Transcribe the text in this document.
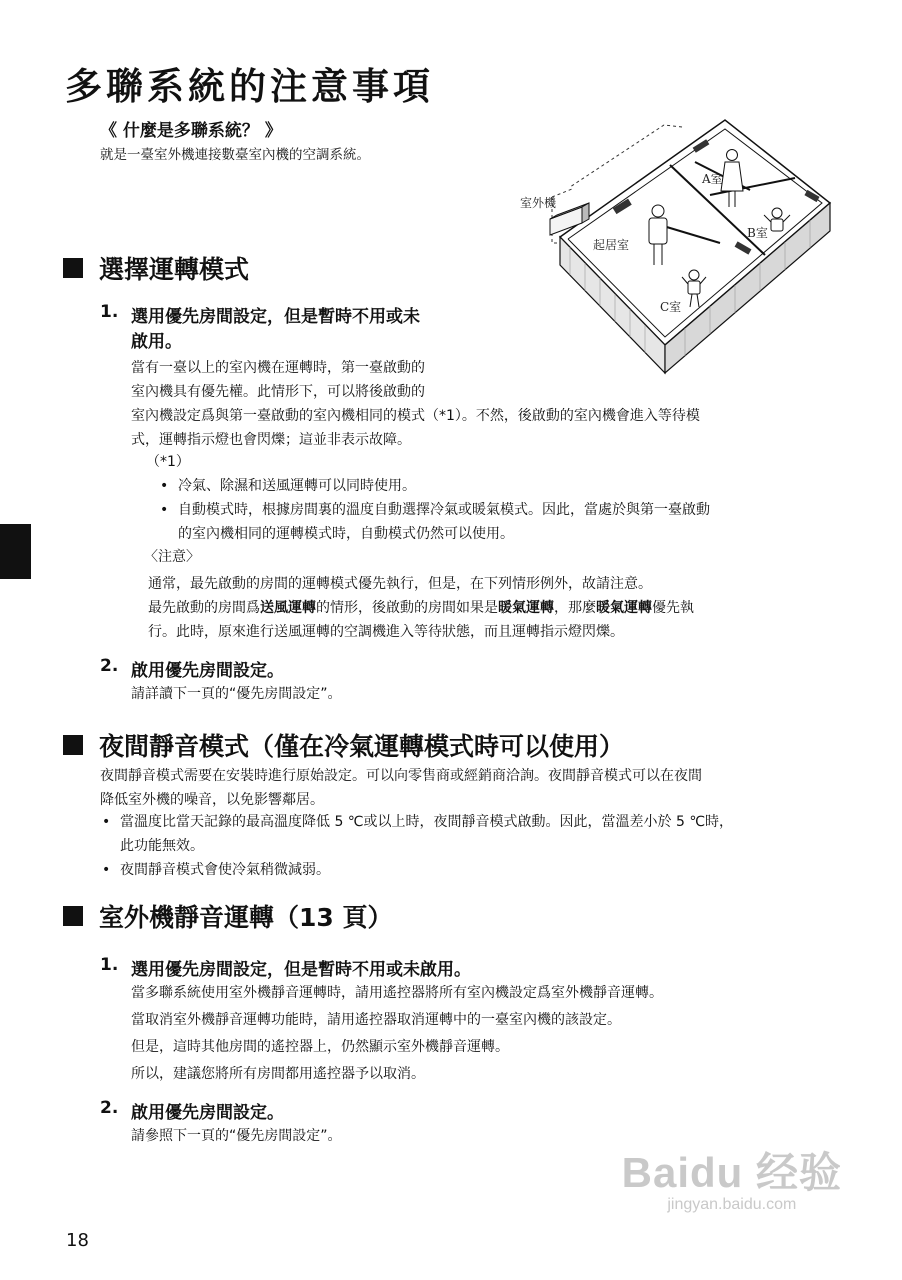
多聯系統的注意事項
《 什麼是多聯系統？ 》
就是一臺室外機連接數臺室內機的空調系統。
室外機
起居室
A室
B室
C室
選擇運轉模式
1. 選用優先房間設定，但是暫時不用或未
啟用。
當有一臺以上的室內機在運轉時，第一臺啟動的
室內機具有優先權。此情形下，可以將後啟動的
室內機設定爲與第一臺啟動的室內機相同的模式（*1）。不然，後啟動的室內機會進入等待模
式，運轉指示燈也會閃爍；這並非表示故障。
（*1）
• 冷氣、除濕和送風運轉可以同時使用。
• 自動模式時，根據房間裏的溫度自動選擇冷氣或暖氣模式。因此，當處於與第一臺啟動
的室內機相同的運轉模式時，自動模式仍然可以使用。
〈注意〉
通常，最先啟動的房間的運轉模式優先執行，但是，在下列情形例外，故請注意。
最先啟動的房間爲送風運轉的情形，後啟動的房間如果是暖氣運轉，那麼暖氣運轉優先執
行。此時，原來進行送風運轉的空調機進入等待狀態，而且運轉指示燈閃爍。
2. 啟用優先房間設定。
請詳讀下一頁的“優先房間設定”。
夜間靜音模式（僅在冷氣運轉模式時可以使用）
夜間靜音模式需要在安裝時進行原始設定。可以向零售商或經銷商洽詢。夜間靜音模式可以在夜間
降低室外機的噪音，以免影響鄰居。
• 當溫度比當天記錄的最高溫度降低 5 ℃或以上時，夜間靜音模式啟動。因此，當溫差小於 5 ℃時，
此功能無效。
• 夜間靜音模式會使冷氣稍微減弱。
室外機靜音運轉（13 頁）
1. 選用優先房間設定，但是暫時不用或未啟用。
當多聯系統使用室外機靜音運轉時，請用遙控器將所有室內機設定爲室外機靜音運轉。
當取消室外機靜音運轉功能時，請用遙控器取消運轉中的一臺室內機的該設定。
但是，這時其他房間的遙控器上，仍然顯示室外機靜音運轉。
所以，建議您將所有房間都用遙控器予以取消。
2. 啟用優先房間設定。
請參照下一頁的“優先房間設定”。
18
Baidu 经验
jingyan.baidu.com
